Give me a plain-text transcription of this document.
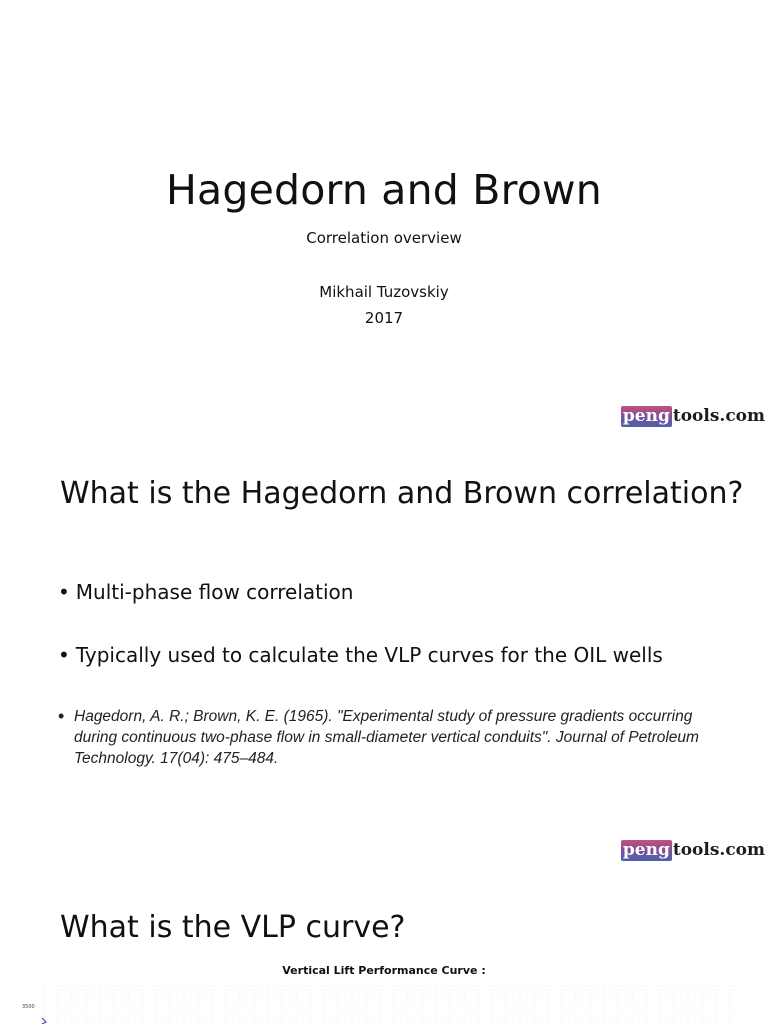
Hagedorn and Brown
Correlation overview
Mikhail Tuzovskiy
2017
peng tools.com
What is the Hagedorn and Brown correlation?
• Multi-phase flow correlation
• Typically used to calculate the VLP curves for the OIL wells
• Hagedorn, A. R.; Brown, K. E. (1965). "Experimental study of pressure gradients occurring during continuous two-phase flow in small-diameter vertical conduits". Journal of Petroleum Technology. 17(04): 475–484.
peng tools.com
What is the VLP curve?
Vertical Lift Performance Curve :
3500
